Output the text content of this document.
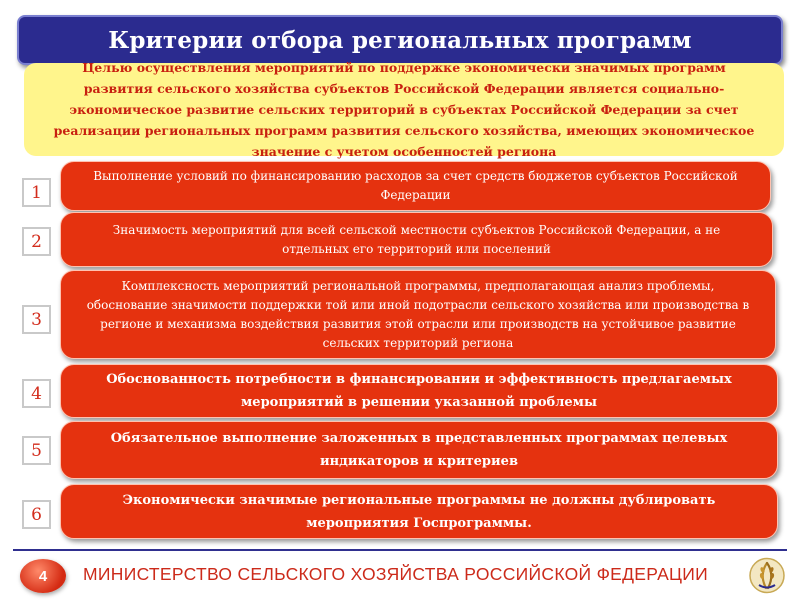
Критерии отбора региональных программ
Целью осуществления мероприятий по поддержке экономически значимых программ развития сельского хозяйства субъектов Российской Федерации является социально-экономическое развитие сельских территорий в субъектах Российской Федерации за счет реализации региональных программ развития сельского хозяйства, имеющих экономическое значение с учетом особенностей региона
1
Выполнение условий по финансированию расходов за счет средств бюджетов субъектов Российской Федерации
2
Значимость мероприятий для всей сельской местности субъектов Российской Федерации, а не отдельных его территорий или поселений
3
Комплексность мероприятий региональной программы, предполагающая анализ проблемы, обоснование значимости поддержки той или иной подотрасли сельского хозяйства или производства в регионе и механизма воздействия развития этой отрасли или производств на устойчивое развитие сельских территорий региона
4
Обоснованность потребности в финансировании и эффективность предлагаемых мероприятий в решении указанной проблемы
5
Обязательное выполнение заложенных в представленных программах целевых индикаторов и критериев
6
Экономически значимые региональные программы не должны дублировать мероприятия Госпрограммы.
4	МИНИСТЕРСТВО СЕЛЬСКОГО ХОЗЯЙСТВА РОССИЙСКОЙ ФЕДЕРАЦИИ
